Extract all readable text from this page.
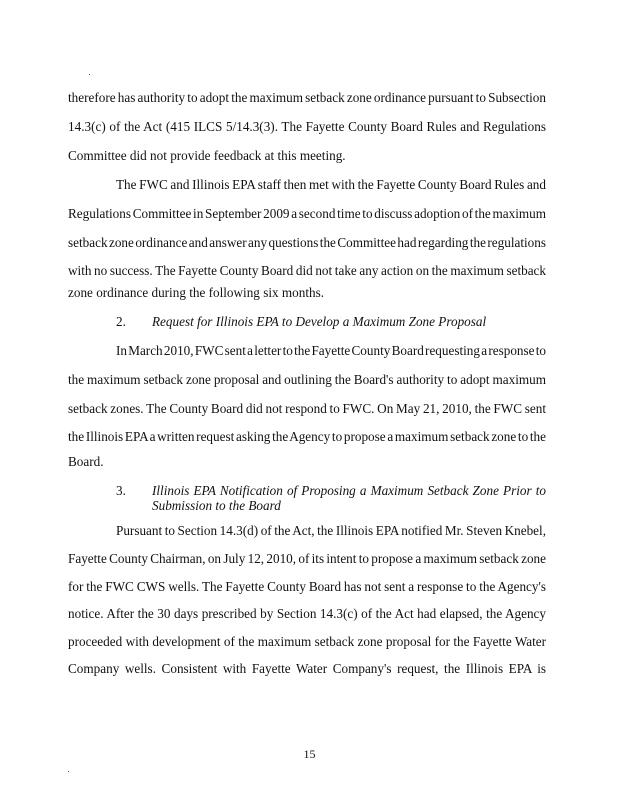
therefore has authority to adopt the maximum setback zone ordinance pursuant to Subsection
14.3(c) of the Act (415 ILCS 5/14.3(3). The Fayette County Board Rules and Regulations
Committee did not provide feedback at this meeting.
The FWC and Illinois EPA staff then met with the Fayette County Board Rules and
Regulations Committee in September 2009 a second time to discuss adoption of the maximum
setback zone ordinance and answer any questions the Committee had regarding the regulations
with no success. The Fayette County Board did not take any action on the maximum setback
zone ordinance during the following six months.
2. Request for Illinois EPA to Develop a Maximum Zone Proposal
In March 2010, FWC sent a letter to the Fayette County Board requesting a response to
the maximum setback zone proposal and outlining the Board's authority to adopt maximum
setback zones. The County Board did not respond to FWC. On May 21, 2010, the FWC sent
the Illinois EPA a written request asking the Agency to propose a maximum setback zone to the
Board.
3. Illinois EPA Notification of Proposing a Maximum Setback Zone Prior to
Submission to the Board
Pursuant to Section 14.3(d) of the Act, the Illinois EPA notified Mr. Steven Knebel,
Fayette County Chairman, on July 12, 2010, of its intent to propose a maximum setback zone
for the FWC CWS wells. The Fayette County Board has not sent a response to the Agency's
notice. After the 30 days prescribed by Section 14.3(c) of the Act had elapsed, the Agency
proceeded with development of the maximum setback zone proposal for the Fayette Water
Company wells. Consistent with Fayette Water Company's request, the Illinois EPA is
15
